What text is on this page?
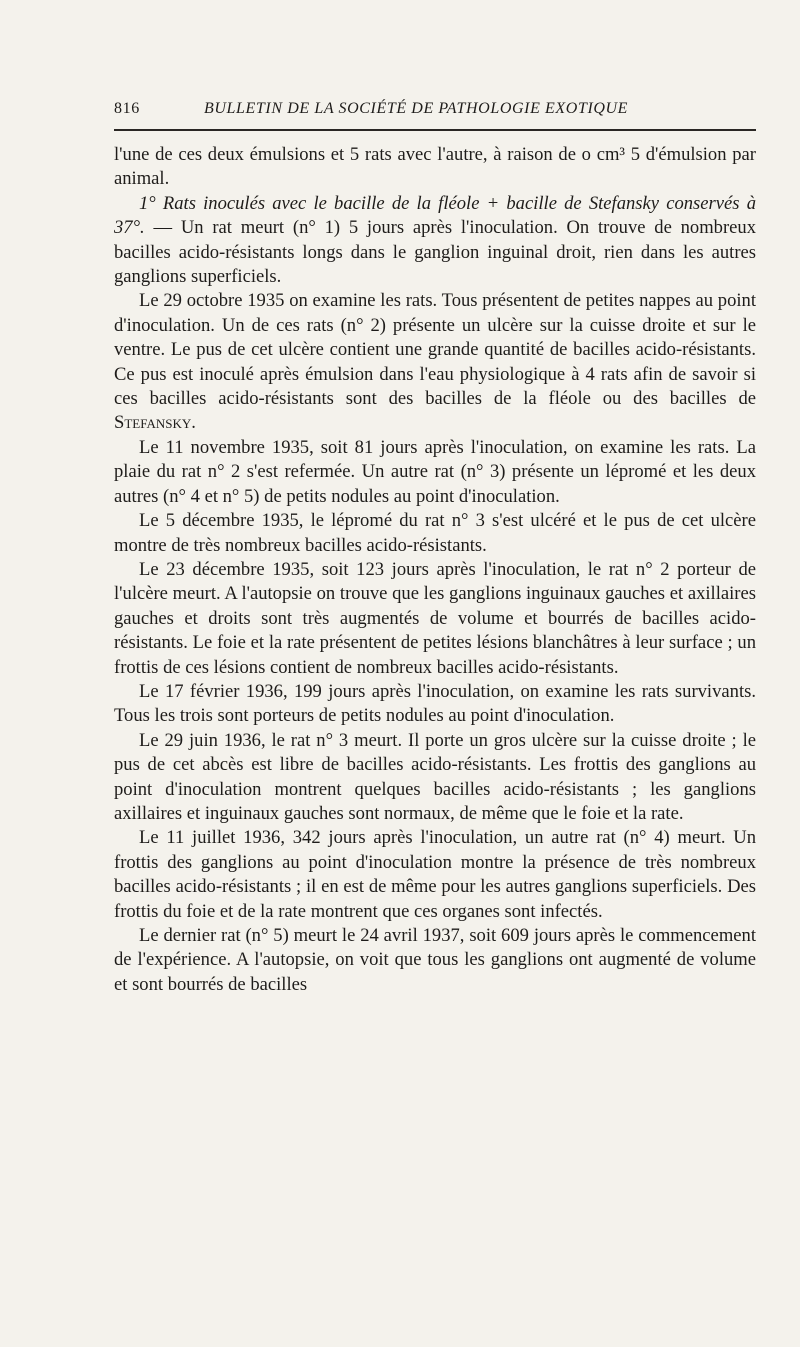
816	BULLETIN DE LA SOCIÉTÉ DE PATHOLOGIE EXOTIQUE

l'une de ces deux émulsions et 5 rats avec l'autre, à raison de o cm³ 5 d'émulsion par animal.

1° Rats inoculés avec le bacille de la fléole + bacille de Stefansky conservés à 37°. — Un rat meurt (n° 1) 5 jours après l'inoculation. On trouve de nombreux bacilles acido-résistants longs dans le ganglion inguinal droit, rien dans les autres ganglions superficiels.

Le 29 octobre 1935 on examine les rats. Tous présentent de petites nappes au point d'inoculation. Un de ces rats (n° 2) présente un ulcère sur la cuisse droite et sur le ventre. Le pus de cet ulcère contient une grande quantité de bacilles acido-résistants. Ce pus est inoculé après émulsion dans l'eau physiologique à 4 rats afin de savoir si ces bacilles acido-résistants sont des bacilles de la fléole ou des bacilles de Stefansky.

Le 11 novembre 1935, soit 81 jours après l'inoculation, on examine les rats. La plaie du rat n° 2 s'est refermée. Un autre rat (n° 3) présente un lépromé et les deux autres (n° 4 et n° 5) de petits nodules au point d'inoculation.

Le 5 décembre 1935, le lépromé du rat n° 3 s'est ulcéré et le pus de cet ulcère montre de très nombreux bacilles acido-résistants.

Le 23 décembre 1935, soit 123 jours après l'inoculation, le rat n° 2 porteur de l'ulcère meurt. A l'autopsie on trouve que les ganglions inguinaux gauches et axillaires gauches et droits sont très augmentés de volume et bourrés de bacilles acido-résistants. Le foie et la rate présentent de petites lésions blanchâtres à leur surface ; un frottis de ces lésions contient de nombreux bacilles acido-résistants.

Le 17 février 1936, 199 jours après l'inoculation, on examine les rats survivants. Tous les trois sont porteurs de petits nodules au point d'inoculation.

Le 29 juin 1936, le rat n° 3 meurt. Il porte un gros ulcère sur la cuisse droite ; le pus de cet abcès est libre de bacilles acido-résistants. Les frottis des ganglions au point d'inoculation montrent quelques bacilles acido-résistants ; les ganglions axillaires et inguinaux gauches sont normaux, de même que le foie et la rate.

Le 11 juillet 1936, 342 jours après l'inoculation, un autre rat (n° 4) meurt. Un frottis des ganglions au point d'inoculation montre la présence de très nombreux bacilles acido-résistants ; il en est de même pour les autres ganglions superficiels. Des frottis du foie et de la rate montrent que ces organes sont infectés.

Le dernier rat (n° 5) meurt le 24 avril 1937, soit 609 jours après le commencement de l'expérience. A l'autopsie, on voit que tous les ganglions ont augmenté de volume et sont bourrés de bacilles
